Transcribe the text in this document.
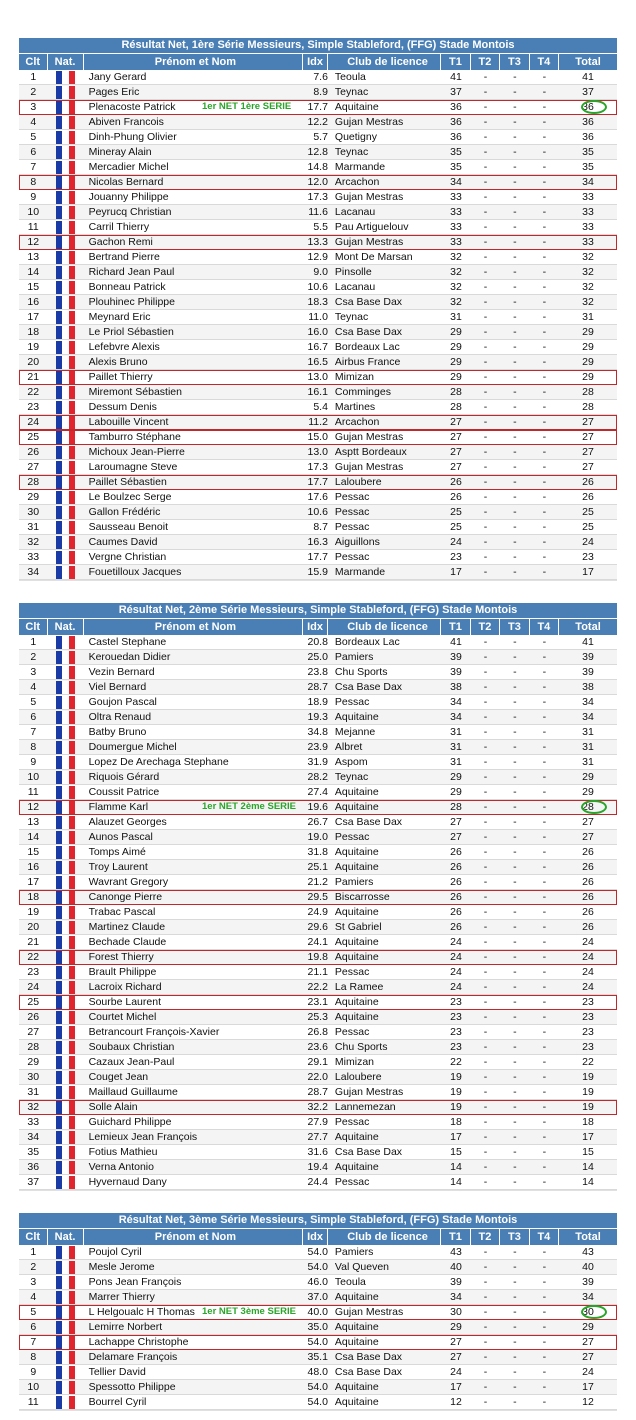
Résultat Net, 1ère Série Messieurs, Simple Stableford, (FFG) Stade Montois
Clt	Nat.	Prénom et Nom	Idx	Club de licence	T1	T2	T3	T4	Total
1	Jany Gerard	7.6 Teoula	41	-	-	-	41
2	Pages Eric	8.9 Teynac	37	-	-	-	37
3	Plenacoste Patrick	17.7 Aquitaine	36	-	-	-	36
1er NET 1ère SERIE
4	Abiven Francois	12.2 Gujan Mestras	36	-	-	-	36
5	Dinh-Phung Olivier	5.7 Quetigny	36	-	-	-	36
6	Mineray Alain	12.8 Teynac	35	-	-	-	35
7	Mercadier Michel	14.8 Marmande	35	-	-	-	35
8	Nicolas Bernard	12.0 Arcachon	34	-	-	-	34
9	Jouanny Philippe	17.3 Gujan Mestras	33	-	-	-	33
10	Peyrucq Christian	11.6 Lacanau	33	-	-	-	33
11	Carril Thierry	5.5 Pau Artiguelouv	33	-	-	-	33
12	Gachon Remi	13.3 Gujan Mestras	33	-	-	-	33
13	Bertrand Pierre	12.9 Mont De Marsan	32	-	-	-	32
14	Richard Jean Paul	9.0 Pinsolle	32	-	-	-	32
15	Bonneau Patrick	10.6 Lacanau	32	-	-	-	32
16	Plouhinec Philippe	18.3 Csa Base Dax	32	-	-	-	32
17	Meynard Eric	11.0 Teynac	31	-	-	-	31
18	Le Priol Sébastien	16.0 Csa Base Dax	29	-	-	-	29
19	Lefebvre Alexis	16.7 Bordeaux Lac	29	-	-	-	29
20	Alexis Bruno	16.5 Airbus France	29	-	-	-	29
21	Paillet Thierry	13.0 Mimizan	29	-	-	-	29
22	Miremont Sébastien	16.1 Comminges	28	-	-	-	28
23	Dessum Denis	5.4 Martines	28	-	-	-	28
24	Labouille Vincent	11.2 Arcachon	27	-	-	-	27
25	Tamburro Stéphane	15.0 Gujan Mestras	27	-	-	-	27
26	Michoux Jean-Pierre	13.0 Asptt Bordeaux	27	-	-	-	27
27	Laroumagne Steve	17.3 Gujan Mestras	27	-	-	-	27
28	Paillet Sébastien	17.7 Laloubere	26	-	-	-	26
29	Le Boulzec Serge	17.6 Pessac	26	-	-	-	26
30	Gallon Frédéric	10.6 Pessac	25	-	-	-	25
31	Sausseau Benoit	8.7 Pessac	25	-	-	-	25
32	Caumes David	16.3 Aiguillons	24	-	-	-	24
33	Vergne Christian	17.7 Pessac	23	-	-	-	23
34	Fouetilloux Jacques	15.9 Marmande	17	-	-	-	17
Résultat Net, 2ème Série Messieurs, Simple Stableford, (FFG) Stade Montois
Clt	Nat.	Prénom et Nom	Idx	Club de licence	T1	T2	T3	T4	Total
1	Castel Stephane	20.8 Bordeaux Lac	41	-	-	-	41
2	Kerouedan Didier	25.0 Pamiers	39	-	-	-	39
3	Vezin Bernard	23.8 Chu Sports	39	-	-	-	39
4	Viel Bernard	28.7 Csa Base Dax	38	-	-	-	38
5	Goujon Pascal	18.9 Pessac	34	-	-	-	34
6	Oltra Renaud	19.3 Aquitaine	34	-	-	-	34
7	Batby Bruno	34.8 Mejanne	31	-	-	-	31
8	Doumergue Michel	23.9 Albret	31	-	-	-	31
9	Lopez De Arechaga Stephane	31.9 Aspom	31	-	-	-	31
10	Riquois Gérard	28.2 Teynac	29	-	-	-	29
11	Coussit Patrice	27.4 Aquitaine	29	-	-	-	29
12	Flamme Karl	19.6 Aquitaine	28	-	-	-	28
1er NET 2ème SERIE
13	Alauzet Georges	26.7 Csa Base Dax	27	-	-	-	27
14	Aunos Pascal	19.0 Pessac	27	-	-	-	27
15	Tomps Aimé	31.8 Aquitaine	26	-	-	-	26
16	Troy Laurent	25.1 Aquitaine	26	-	-	-	26
17	Wavrant Gregory	21.2 Pamiers	26	-	-	-	26
18	Canonge Pierre	29.5 Biscarrosse	26	-	-	-	26
19	Trabac Pascal	24.9 Aquitaine	26	-	-	-	26
20	Martinez Claude	29.6 St Gabriel	26	-	-	-	26
21	Bechade Claude	24.1 Aquitaine	24	-	-	-	24
22	Forest Thierry	19.8 Aquitaine	24	-	-	-	24
23	Brault Philippe	21.1 Pessac	24	-	-	-	24
24	Lacroix Richard	22.2 La Ramee	24	-	-	-	24
25	Sourbe Laurent	23.1 Aquitaine	23	-	-	-	23
26	Courtet Michel	25.3 Aquitaine	23	-	-	-	23
27	Betrancourt François-Xavier	26.8 Pessac	23	-	-	-	23
28	Soubaux Christian	23.6 Chu Sports	23	-	-	-	23
29	Cazaux Jean-Paul	29.1 Mimizan	22	-	-	-	22
30	Couget Jean	22.0 Laloubere	19	-	-	-	19
31	Maillaud Guillaume	28.7 Gujan Mestras	19	-	-	-	19
32	Solle Alain	32.2 Lannemezan	19	-	-	-	19
33	Guichard Philippe	27.9 Pessac	18	-	-	-	18
34	Lemieux Jean François	27.7 Aquitaine	17	-	-	-	17
35	Fotius Mathieu	31.6 Csa Base Dax	15	-	-	-	15
36	Verna Antonio	19.4 Aquitaine	14	-	-	-	14
37	Hyvernaud Dany	24.4 Pessac	14	-	-	-	14
Résultat Net, 3ème Série Messieurs, Simple Stableford, (FFG) Stade Montois
Clt	Nat.	Prénom et Nom	Idx	Club de licence	T1	T2	T3	T4	Total
1	Poujol Cyril	54.0 Pamiers	43	-	-	-	43
2	Mesle Jerome	54.0 Val Queven	40	-	-	-	40
3	Pons Jean François	46.0 Teoula	39	-	-	-	39
4	Marrer Thierry	37.0 Aquitaine	34	-	-	-	34
5	L Helgoualc H Thomas	40.0 Gujan Mestras	30	-	-	-	30
1er NET 3ème SERIE
6	Lemirre Norbert	35.0 Aquitaine	29	-	-	-	29
7	Lachappe Christophe	54.0 Aquitaine	27	-	-	-	27
8	Delamare François	35.1 Csa Base Dax	27	-	-	-	27
9	Tellier David	48.0 Csa Base Dax	24	-	-	-	24
10	Spessotto Philippe	54.0 Aquitaine	17	-	-	-	17
11	Bourrel Cyril	54.0 Aquitaine	12	-	-	-	12
